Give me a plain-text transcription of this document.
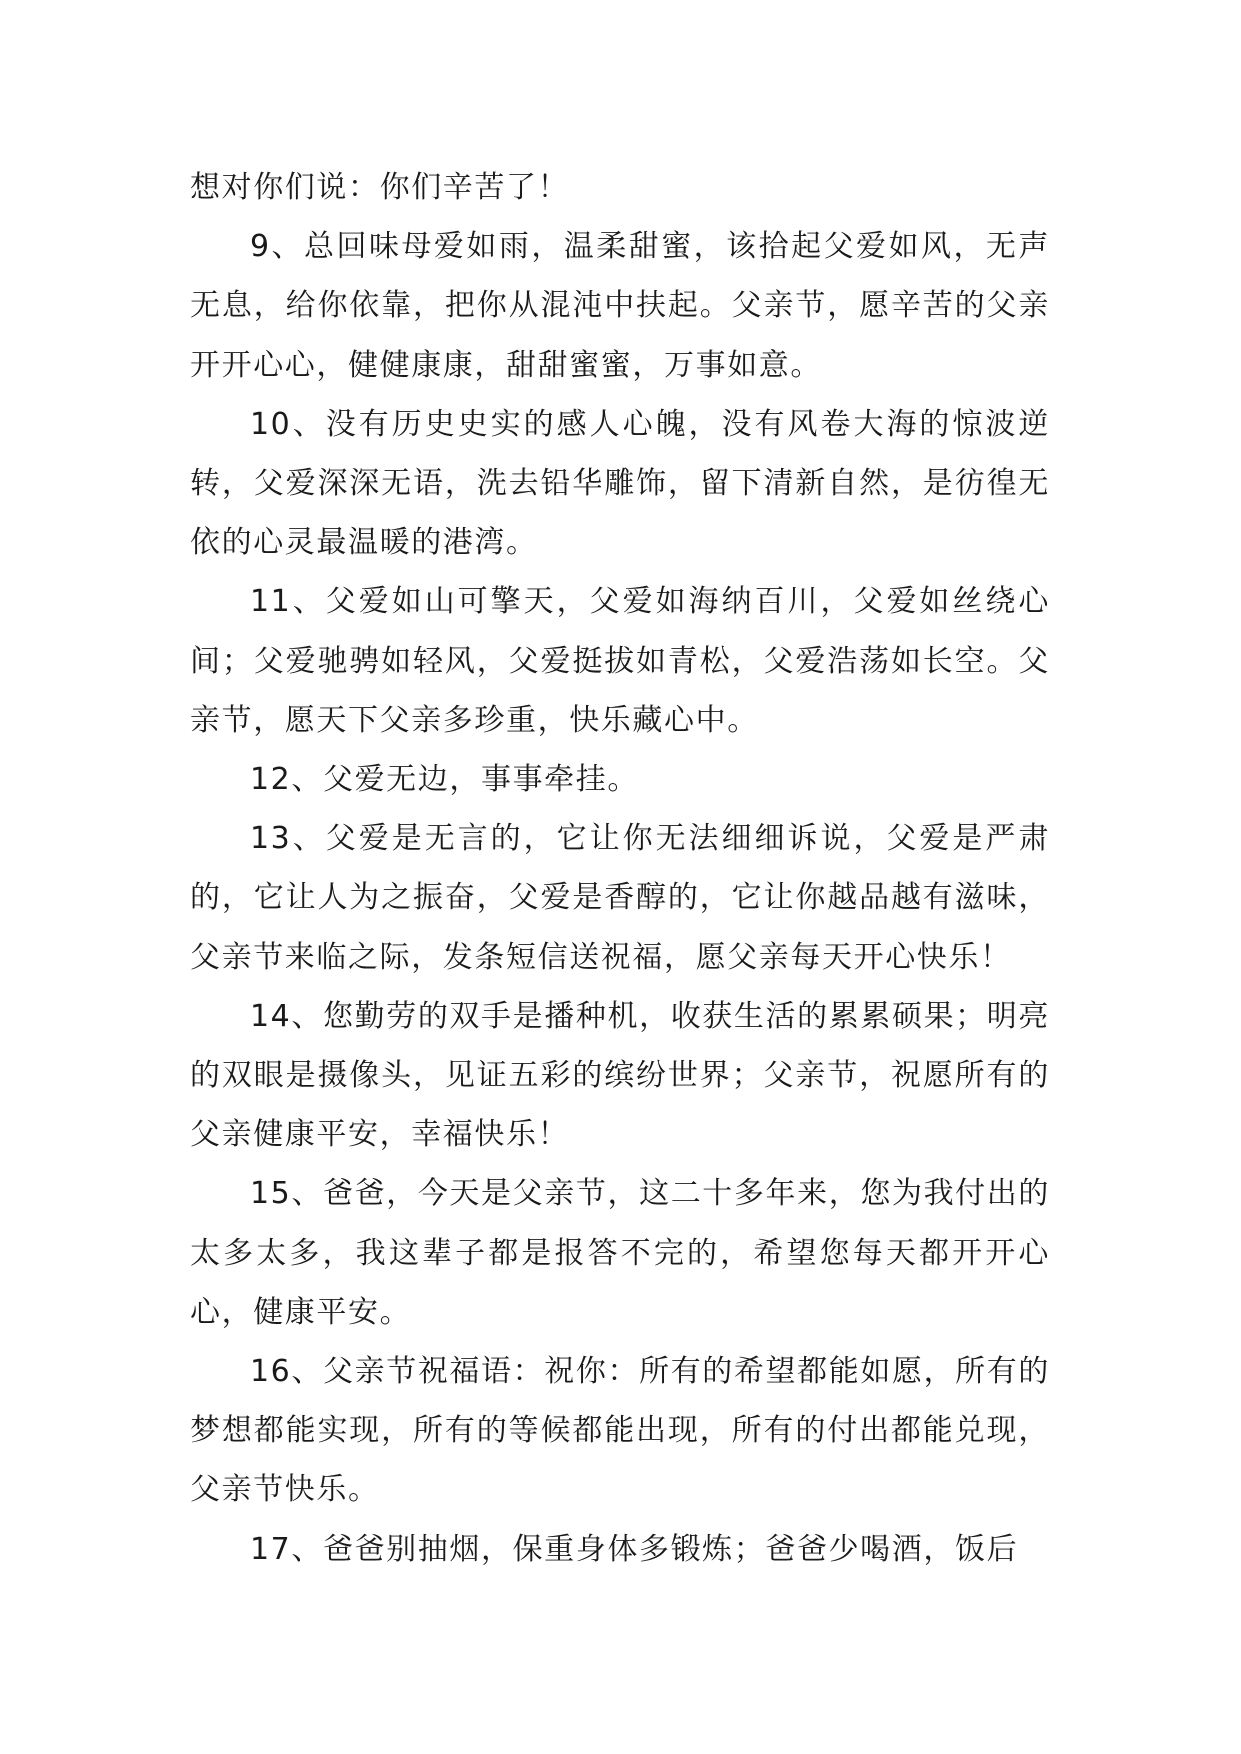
想对你们说：你们辛苦了！

9、总回味母爱如雨，温柔甜蜜，该拾起父爱如风，无声无息，给你依靠，把你从混沌中扶起。父亲节，愿辛苦的父亲开开心心，健健康康，甜甜蜜蜜，万事如意。

10、没有历史史实的感人心魄，没有风卷大海的惊波逆转，父爱深深无语，洗去铅华雕饰，留下清新自然，是彷徨无依的心灵最温暖的港湾。

11、父爱如山可擎天，父爱如海纳百川，父爱如丝绕心间；父爱驰骋如轻风，父爱挺拔如青松，父爱浩荡如长空。父亲节，愿天下父亲多珍重，快乐藏心中。

12、父爱无边，事事牵挂。

13、父爱是无言的，它让你无法细细诉说，父爱是严肃的，它让人为之振奋，父爱是香醇的，它让你越品越有滋味，父亲节来临之际，发条短信送祝福，愿父亲每天开心快乐！

14、您勤劳的双手是播种机，收获生活的累累硕果；明亮的双眼是摄像头，见证五彩的缤纷世界；父亲节，祝愿所有的父亲健康平安，幸福快乐！

15、爸爸，今天是父亲节，这二十多年来，您为我付出的太多太多，我这辈子都是报答不完的，希望您每天都开开心心，健康平安。

16、父亲节祝福语：祝你：所有的希望都能如愿，所有的梦想都能实现，所有的等候都能出现，所有的付出都能兑现，父亲节快乐。

17、爸爸别抽烟，保重身体多锻炼；爸爸少喝酒，饭后
